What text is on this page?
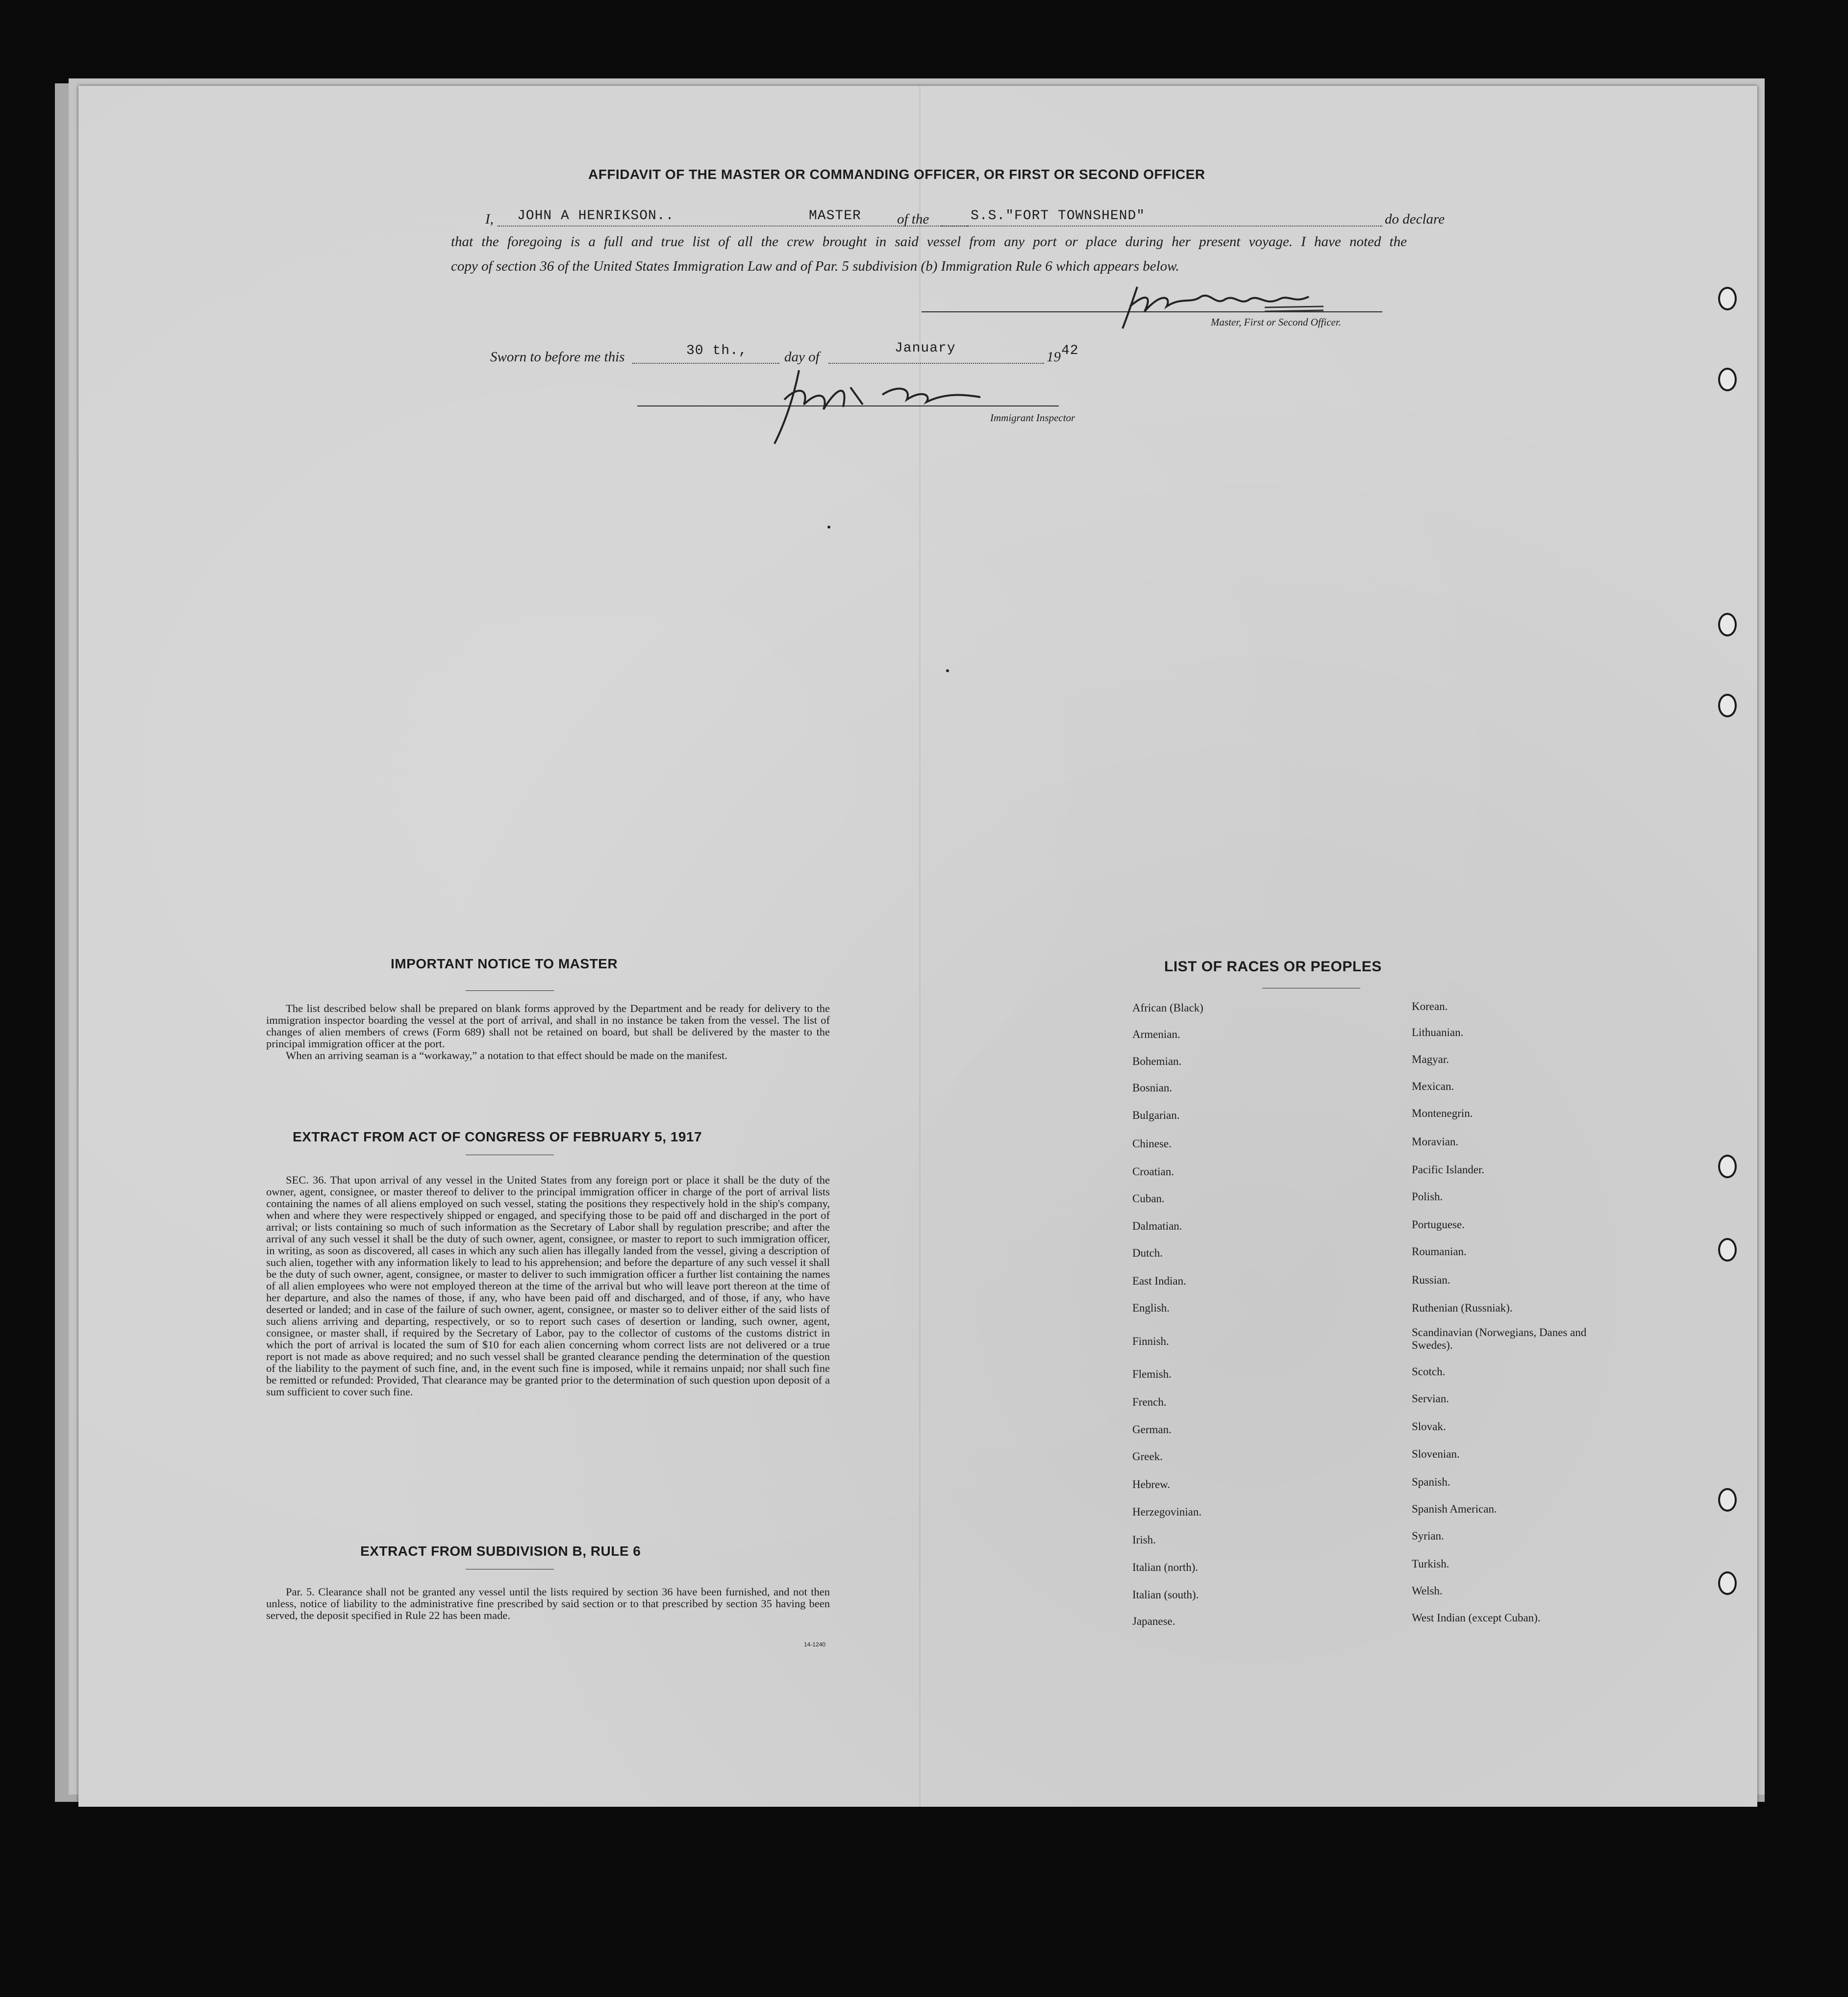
AFFIDAVIT OF THE MASTER OR COMMANDING OFFICER, OR FIRST OR SECOND OFFICER
I, JOHN A HENRIKSON..	MASTER	of the	S.S."FORT TOWNSHEND"	do declare
that the foregoing is a full and true list of all the crew brought in said vessel from any port or place during her present voyage. I have noted the
copy of section 36 of the United States Immigration Law and of Par. 5 subdivision (b) Immigration Rule 6 which appears below.
Master, First or Second Officer.
Sworn to before me this	30 th.,	day of
January
19 42
Immigrant Inspector
IMPORTANT NOTICE TO MASTER

The list described below shall be prepared on blank forms approved by the Department and be ready for delivery to the immigration inspector boarding the vessel at the port of arrival, and shall in no instance be taken from the vessel. The list of changes of alien members of crews (Form 689) shall not be retained on board, but shall be delivered by the master to the principal immigration officer at the port.

When an arriving seaman is a “workaway,” a notation to that effect should be made on the manifest.

EXTRACT FROM ACT OF CONGRESS OF FEBRUARY 5, 1917

SEC. 36. That upon arrival of any vessel in the United States from any foreign port or place it shall be the duty of the owner, agent, consignee, or master thereof to deliver to the principal immigration officer in charge of the port of arrival lists containing the names of all aliens employed on such vessel, stating the positions they respectively hold in the ship's company, when and where they were respectively shipped or engaged, and specifying those to be paid off and discharged in the port of arrival; or lists containing so much of such information as the Secretary of Labor shall by regulation prescribe; and after the arrival of any such vessel it shall be the duty of such owner, agent, consignee, or master to report to such immigration officer, in writing, as soon as discovered, all cases in which any such alien has illegally landed from the vessel, giving a description of such alien, together with any information likely to lead to his apprehension; and before the departure of any such vessel it shall be the duty of such owner, agent, consignee, or master to deliver to such immigration officer a further list containing the names of all alien employees who were not employed thereon at the time of the arrival but who will leave port thereon at the time of her departure, and also the names of those, if any, who have been paid off and discharged, and of those, if any, who have deserted or landed; and in case of the failure of such owner, agent, consignee, or master so to deliver either of the said lists of such aliens arriving and departing, respectively, or so to report such cases of desertion or landing, such owner, agent, consignee, or master shall, if required by the Secretary of Labor, pay to the collector of customs of the customs district in which the port of arrival is located the sum of $10 for each alien concerning whom correct lists are not delivered or a true report is not made as above required; and no such vessel shall be granted clearance pending the determination of the question of the liability to the payment of such fine, and, in the event such fine is imposed, while it remains unpaid; nor shall such fine be remitted or refunded: Provided, That clearance may be granted prior to the determination of such question upon deposit of a sum sufficient to cover such fine.

EXTRACT FROM SUBDIVISION B, RULE 6

Par. 5. Clearance shall not be granted any vessel until the lists required by section 36 have been furnished, and not then unless, notice of liability to the administrative fine prescribed by said section or to that prescribed by section 35 having been served, the deposit specified in Rule 22 has been made.

14-1240
LIST OF RACES OR PEOPLES
African (Black)
Armenian.
Bohemian.
Bosnian.
Bulgarian.
Chinese.
Croatian.
Cuban.
Dalmatian.
Dutch.
East Indian.
English.
Finnish.
Flemish.
French.
German.
Greek.
Hebrew.
Herzegovinian.
Irish.
Italian (north).
Italian (south).
Japanese.
Korean.
Lithuanian.
Magyar.
Mexican.
Montenegrin.
Moravian.
Pacific Islander.
Polish.
Portuguese.
Roumanian.
Russian.
Ruthenian (Russniak).
Scandinavian (Norwegians, Danes and Swedes).
Scotch.
Servian.
Slovak.
Slovenian.
Spanish.
Spanish American.
Syrian.
Turkish.
Welsh.
West Indian (except Cuban).
